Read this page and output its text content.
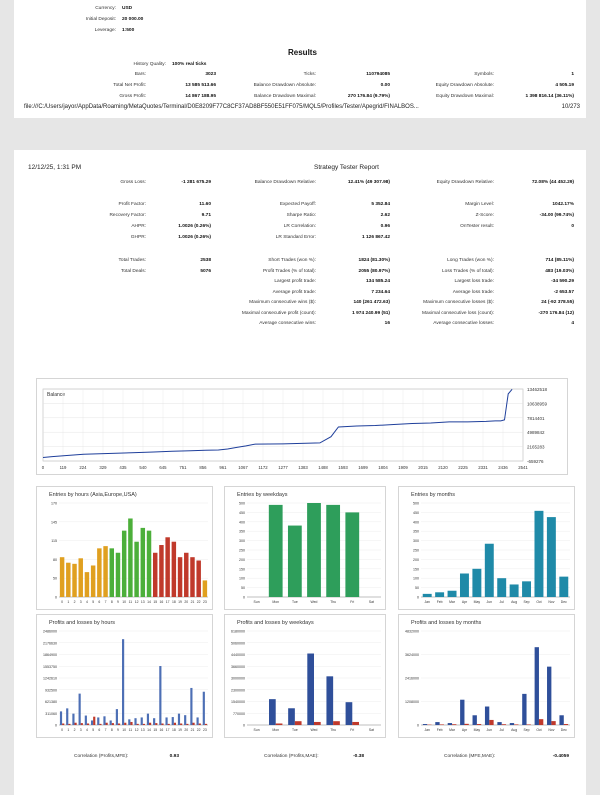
Currency: USD
Initial Deposit: 20 000.00
Leverage: 1:500
Results
History Quality: 100% real ticks
Bars:	3023	Ticks:	110794085	Symbols:	1
Total Net Profit:	13 585 513.66	Balance Drawdown Absolute:	0.00	Equity Drawdown Absolute:	4 505.19
Gross Profit:	14 867 188.95	Balance Drawdown Maximal:	270 176.84 (9.79%)	Equity Drawdown Maximal:	1 398 816.14 (36.11%)
file:///C:/Users/jayor/AppData/Roaming/MetaQuotes/Terminal/D0E8209F77C8CF37AD8BF550E51FF075/MQL5/Profiles/Tester/Apegrid/FINALBOS...	10/273
12/12/25, 1:31 PM	Strategy Tester Report
Gross Loss:	-1 281 675.29	Balance Drawdown Relative:	12.41% (49 307.98)	Equity Drawdown Relative:	72.08% (44 452.29)
Profit Factor:	11.60	Expected Payoff:	5 352.84	Margin Level:	1042.17%
Recovery Factor:	9.71	Sharpe Ratio:	2.62	Z-Score:	-34.00 (99.74%)
AHPR:	1.0026 (0.26%)	LR Correlation:	0.96	OnTester result:	0
GHPR:	1.0026 (0.26%)	LR Standard Error:	1 126 867.42
Total Trades:	2538
Total Deals:	5076
Short Trades (won %):	1824 (81.30%)	Long Trades (won %):	714 (85.11%)
Profit Trades (% of total):	2055 (80.97%)	Loss Trades (% of total):	483 (19.03%)
Largest profit trade:	134 585.24	Largest loss trade:	-34 590.29
Average profit trade:	7 234.64	Average loss trade:	-2 653.57
Maximum consecutive wins ($):	140 (261 472.63)	Maximum consecutive losses ($):	24 (-92 378.55)
Maximal consecutive profit (count):	1 974 240.99 (51)	Maximal consecutive loss (count):	-270 176.84 (12)
Average consecutive wins:	16	Average consecutive losses:	4
Balance
13462518
10638959
7814401
4989842
2165283
-659276
0	119	224	329	435	540	645	751	856	961	1067 1172 1277 1383 1488 1593 1699 1804 1909 2015 2120 2225 2331 2436 2541
Entries by hours (Asia,Europe,USA)
170
145
115
80
50
0
0 1 2 3 4 5 6 7 8 9 10 11 12 13 14 15 16 17 18 19 20 21 22 23
Entries by weekdays
500
450
400
350
300
250
200
150
100
50
0
Sun	Mon	Tue	Wed	Thu	Fri	Sat
Entries by months
500
450
400
350
300
250
200
150
100
50
0
Jan Feb Mar Apr May Jun Jul Aug Sep Oct Nov Dec
Profits and losses by hours
2486000
2176630
1864900
1553750
1242610
932500
621380
311060
0
0 1 2 3 4 5 6 7 8 9 10 11 12 13 14 15 16 17 18 19 20 21 22 23
Profits and losses by weekdays
6180000
5060000
4440000
3660000
3000000
2300000
1540000
770000
0
Sun	Mon	Tue	Wed	Thu	Fri	Sat
Profits and losses by months
4832000
3624000
2416000
1208000
0
Jan Feb Mar Apr May Jun Jul Aug Sep Oct Nov Dec
Correlation (Profits,MFE):	0.93	Correlation (Profits,MAE):	-0.38	Correlation (MFE,MAE):	-0.4059
